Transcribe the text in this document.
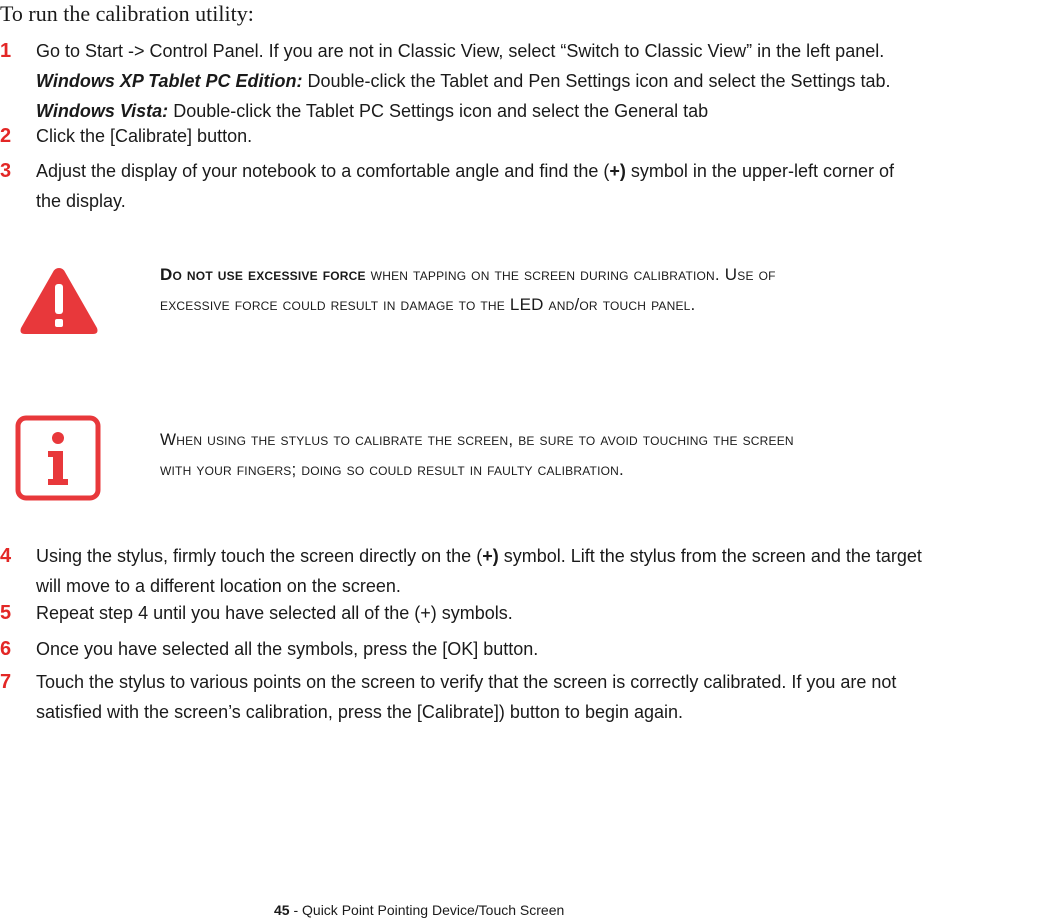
To run the calibration utility:
1	Go to Start -> Control Panel. If you are not in Classic View, select “Switch to Classic View” in the left panel.
Windows XP Tablet PC Edition: Double-click the Tablet and Pen Settings icon and select the Settings tab.
Windows Vista: Double-click the Tablet PC Settings icon and select the General tab
2	Click the [Calibrate] button.
3	Adjust the display of your notebook to a comfortable angle and find the (+) symbol in the upper-left corner of
the display.
Do not use excessive force when tapping on the screen during calibration. Use of
excessive force could result in damage to the LED and/or touch panel.
When using the stylus to calibrate the screen, be sure to avoid touching the screen
with your fingers; doing so could result in faulty calibration.
4	Using the stylus, firmly touch the screen directly on the (+) symbol. Lift the stylus from the screen and the target
will move to a different location on the screen.
5	Repeat step 4 until you have selected all of the (+) symbols.
6	Once you have selected all the symbols, press the [OK] button.
7	Touch the stylus to various points on the screen to verify that the screen is correctly calibrated. If you are not
satisfied with the screen’s calibration, press the [Calibrate]) button to begin again.
45 - Quick Point Pointing Device/Touch Screen
